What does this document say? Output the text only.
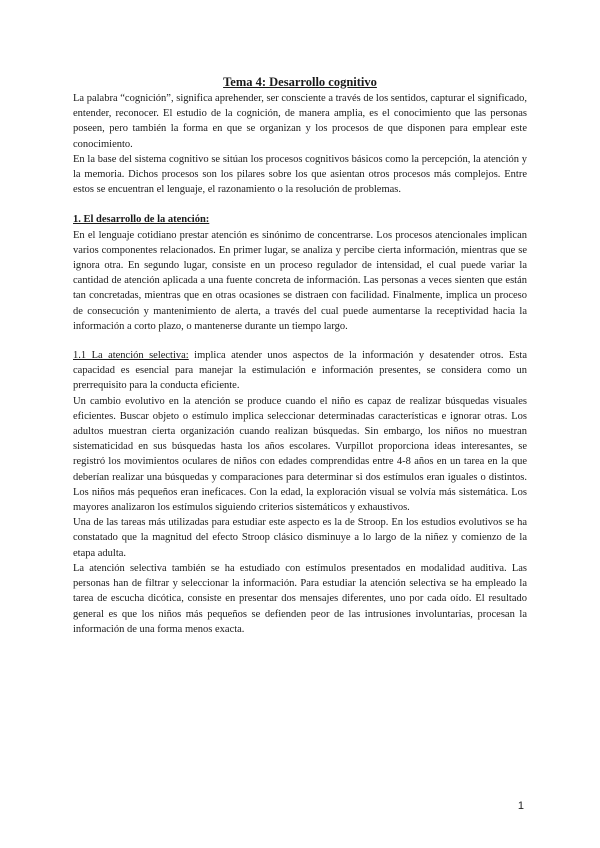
Tema 4: Desarrollo cognitivo

La palabra “cognición”, significa aprehender, ser consciente a través de los sentidos, capturar el significado, entender, reconocer. El estudio de la cognición, de manera amplia, es el conocimiento que las personas poseen, pero también la forma en que se organizan y los procesos de que disponen para emplear este conocimiento.

En la base del sistema cognitivo se sitúan los procesos cognitivos básicos como la percepción, la atención y la memoria. Dichos procesos son los pilares sobre los que asientan otros procesos más complejos. Entre estos se encuentran el lenguaje, el razonamiento o la resolución de problemas.

1. El desarrollo de la atención:

En el lenguaje cotidiano prestar atención es sinónimo de concentrarse. Los procesos atencionales implican varios componentes relacionados. En primer lugar, se analiza y percibe cierta información, mientras que se ignora otra. En segundo lugar, consiste en un proceso regulador de intensidad, el cual puede variar la cantidad de atención aplicada a una fuente concreta de información. Las personas a veces sienten que están tan concretadas, mientras que en otras ocasiones se distraen con facilidad. Finalmente, implica un proceso de consecución y mantenimiento de alerta, a través del cual puede aumentarse la receptividad hacia la información a corto plazo, o mantenerse durante un tiempo largo.

1.1 La atención selectiva: implica atender unos aspectos de la información y desatender otros. Esta capacidad es esencial para manejar la estimulación e información presentes, se considera como un prerrequisito para la conducta eficiente.

Un cambio evolutivo en la atención se produce cuando el niño es capaz de realizar búsquedas visuales eficientes. Buscar objeto o estímulo implica seleccionar determinadas características e ignorar otras. Los adultos muestran cierta organización cuando realizan búsquedas. Sin embargo, los niños no muestran sistematicidad en sus búsquedas hasta los años escolares. Vurpillot proporciona ideas interesantes, se registró los movimientos oculares de niños con edades comprendidas entre 4-8 años en un tarea en la que deberían realizar una búsquedas y comparaciones para determinar si dos estímulos eran iguales o distintos. Los niños más pequeños eran ineficaces. Con la edad, la exploración visual se volvía más sistemática. Los mayores analizaron los estímulos siguiendo criterios sistemáticos y exhaustivos.

Una de las tareas más utilizadas para estudiar este aspecto es la de Stroop. En los estudios evolutivos se ha constatado que la magnitud del efecto Stroop clásico disminuye a lo largo de la niñez y comienzo de la etapa adulta.

La atención selectiva también se ha estudiado con estímulos presentados en modalidad auditiva. Las personas han de filtrar y seleccionar la información. Para estudiar la atención selectiva se ha empleado la tarea de escucha dicótica, consiste en presentar dos mensajes diferentes, uno por cada oído. El resultado general es que los niños más pequeños se defienden peor de las intrusiones involuntarias, procesan la información de una forma menos exacta.

1
